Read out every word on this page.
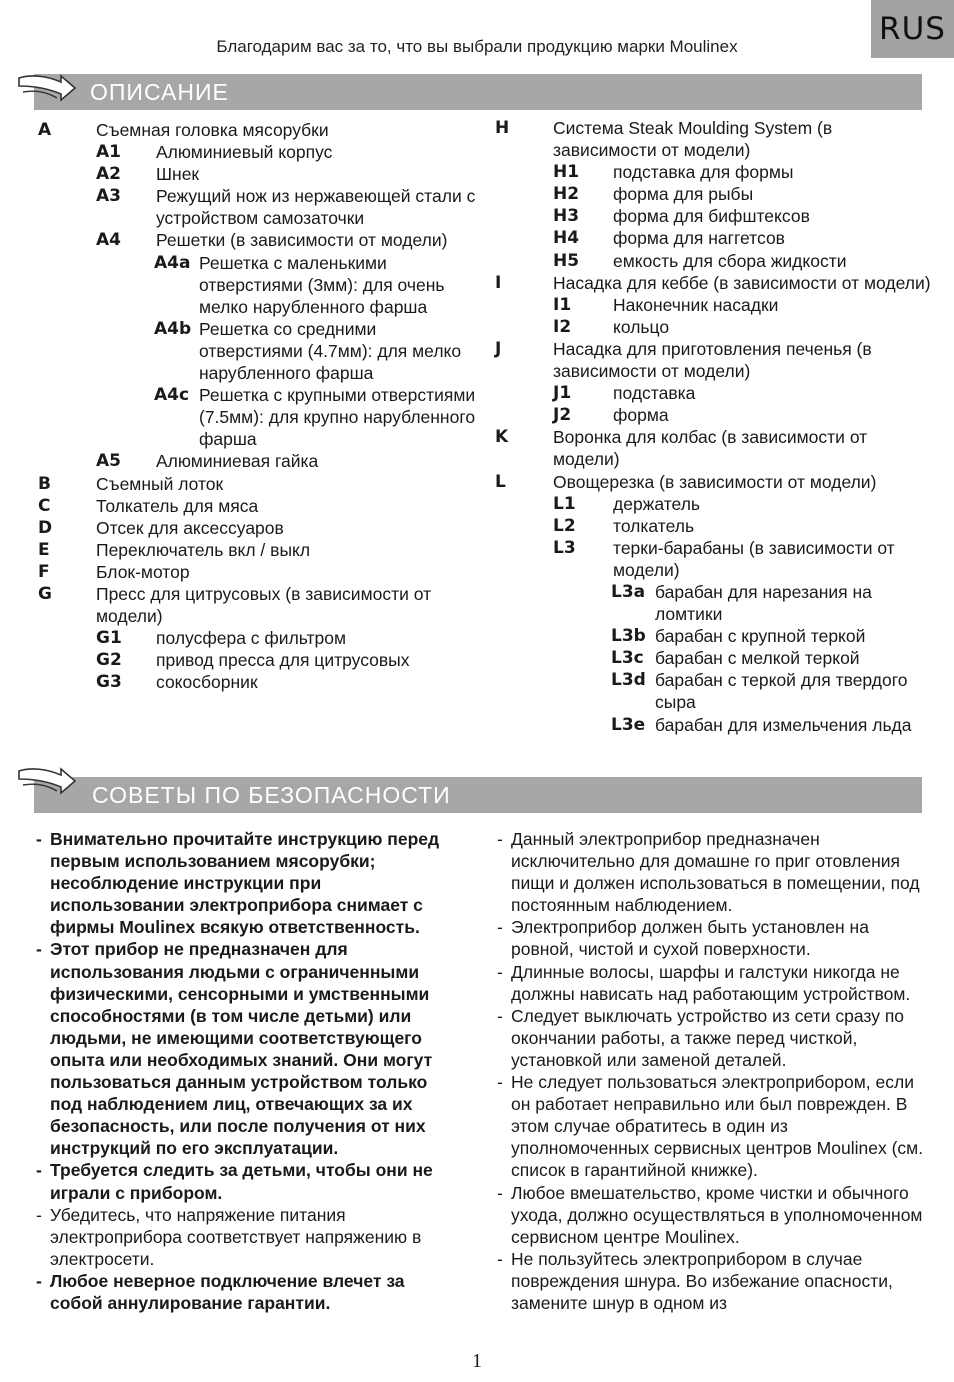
RUS
Благодарим вас за то, что вы выбрали продукцию марки Moulinex
ОПИСАНИЕ
A	Съемная головка мясорубки
A1 Алюминиевый корпус
A2 Шнек
A3 Режущий нож из нержавеющей стали с устройством самозаточки
A4 Решетки (в зависимости от модели)
A4a Решетка с маленькими отверстиями (3мм): для очень мелко нарубленного фарша
A4b Решетка со средними отверстиями (4.7мм): для мелко нарубленного фарша
A4c Решетка с крупными отверстиями (7.5мм): для крупно нарубленного фарша
A5 Алюминиевая гайка
B	Съемный лоток
C	Толкатель для мяса
D	Отсек для аксессуаров
E	Переключатель вкл / выкл
F	Блок-мотор
G	Пресс для цитрусовых (в зависимости от модели)
G1 полусфера с фильтром
G2 привод пресса для цитрусовых
G3 сокосборник
H	Система Steak Moulding System (в зависимости от модели)
H1 подставка для формы
H2 форма для рыбы
H3 форма для бифштексов
H4 форма для наггетсов
H5 емкость для сбора жидкости
I	Насадка для кеббе (в зависимости от модели)
I1 Наконечник насадки
I2 кольцо
J	Насадка для приготовления печенья (в зависимости от модели)
J1 подставка
J2 форма
K	Воронка для колбас (в зависимости от модели)
L	Овощерезка (в зависимости от модели)
L1 держатель
L2 толкатель
L3 терки-барабаны (в зависимости от модели)
L3a барабан для нарезания на ломтики
L3b барабан с крупной теркой
L3c барабан с мелкой теркой
L3d барабан с теркой для твердого сыра
L3e барабан для измельчения льда
СОВЕТЫ ПО БЕЗОПАСНОСТИ
- Внимательно прочитайте инструкцию перед первым использованием мясорубки; несоблюдение инструкции при использовании электроприбора снимает с фирмы Moulinex всякую ответственность.
- Этот прибор не предназначен для использования людьми с ограниченными физическими, сенсорными и умственными способностями (в том числе детьми) или людьми, не имеющими соответствующего опыта или необходимых знаний. Они могут пользоваться данным устройством только под наблюдением лиц, отвечающих за их безопасность, или после получения от них инструкций по его эксплуатации.
- Требуется следить за детьми, чтобы они не играли с прибором.
- Убедитесь, что напряжение питания электроприбора соответствует напряжению в электросети.
- Любое неверное подключение влечет за собой аннулирование гарантии.
- Данный электроприбор предназначен исключительно для домашне го приг отовления пищи и должен использоваться в помещении, под постоянным наблюдением.
- Электроприбор должен быть установлен на ровной, чистой и сухой поверхности.
- Длинные волосы, шарфы и галстуки никогда не должны нависать над работающим устройством.
- Следует выключать устройство из сети сразу по окончании работы, а также перед чисткой, установкой или заменой деталей.
- Не следует пользоваться электроприбором, если он работает неправильно или был поврежден. В этом случае обратитесь в один из уполномоченных сервисных центров Moulinex (см. список в гарантийной книжке).
- Любое вмешательство, кроме чистки и обычного ухода, должно осуществляться в уполномоченном сервисном центре Moulinex.
- Не пользуйтесь электроприбором в случае повреждения шнура. Во избежание опасности, замените шнур в одном из
1
